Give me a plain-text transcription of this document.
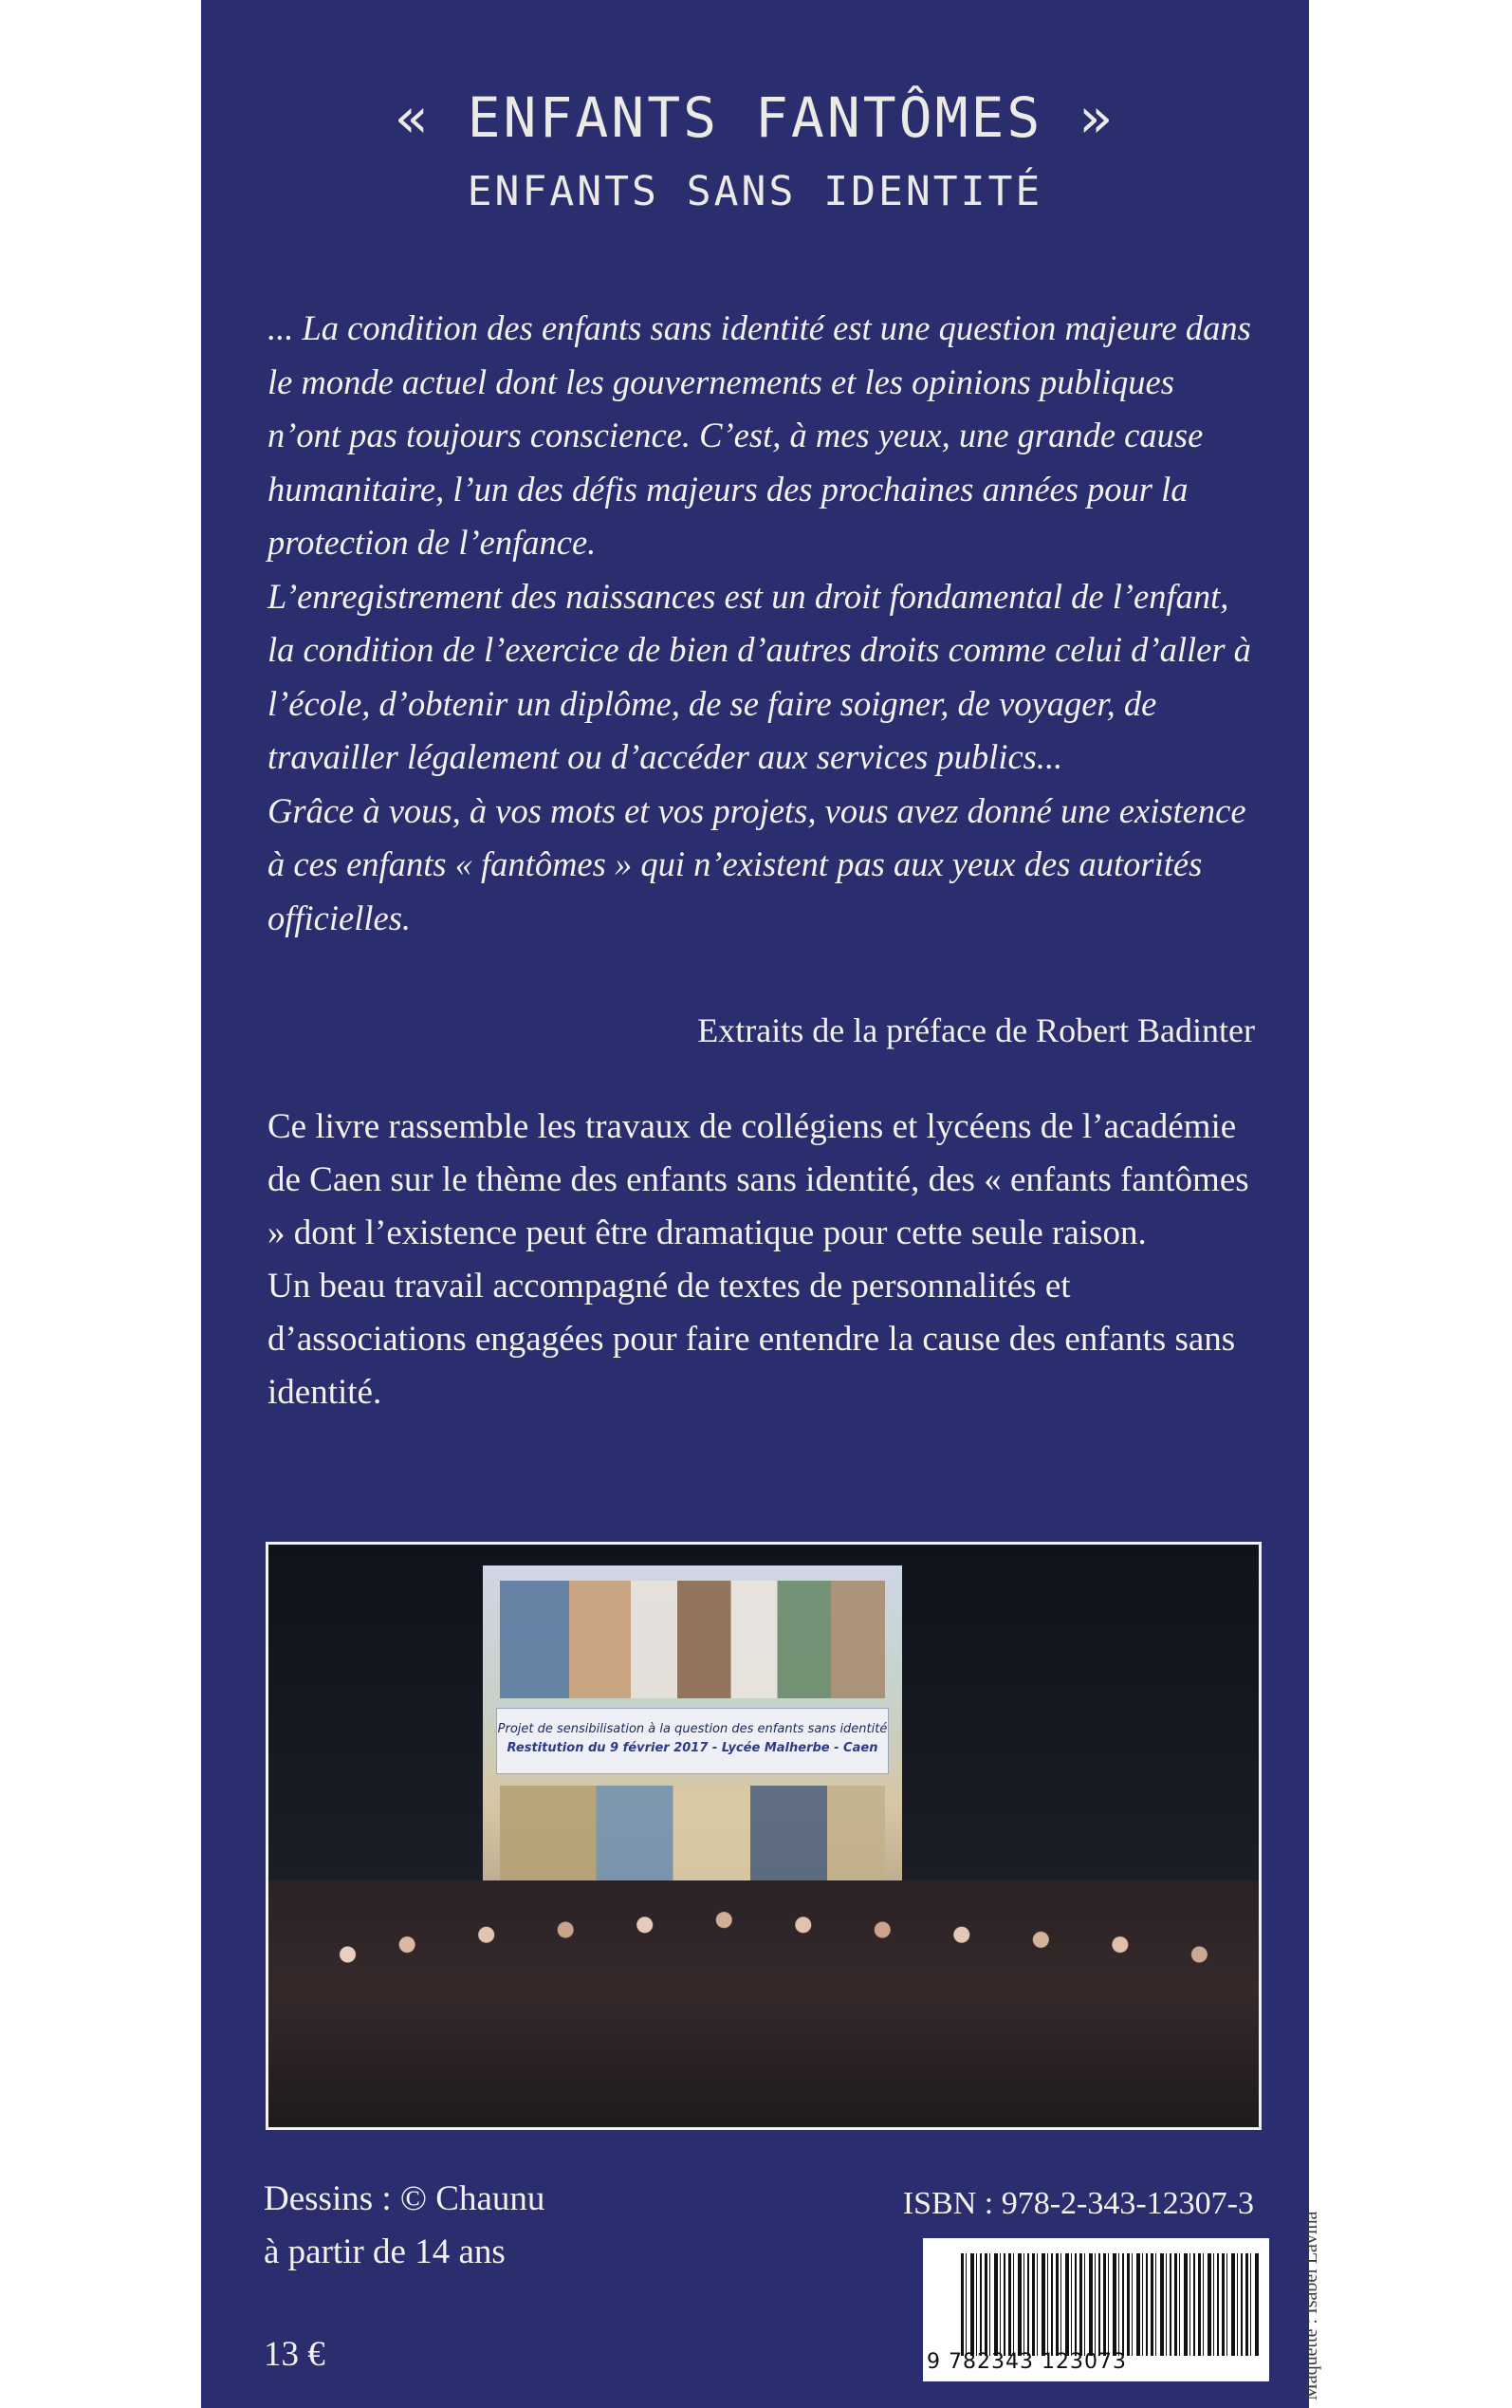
« ENFANTS FANTÔMES »
ENFANTS SANS IDENTITÉ

... La condition des enfants sans identité est une question majeure dans le monde actuel dont les gouvernements et les opinions publiques n’ont pas toujours conscience. C’est, à mes yeux, une grande cause humanitaire, l’un des défis majeurs des prochaines années pour la protection de l’enfance.

L’enregistrement des naissances est un droit fondamental de l’enfant, la condition de l’exercice de bien d’autres droits comme celui d’aller à l’école, d’obtenir un diplôme, de se faire soigner, de voyager, de travailler légalement ou d’accéder aux services publics...

Grâce à vous, à vos mots et vos projets, vous avez donné une existence à ces enfants « fantômes » qui n’existent pas aux yeux des autorités officielles.

Extraits de la préface de Robert Badinter

Ce livre rassemble les travaux de collégiens et lycéens de l’académie de Caen sur le thème des enfants sans identité, des « enfants fantômes » dont l’existence peut être dramatique pour cette seule raison.

Un beau travail accompagné de textes de personnalités et d’associations engagées pour faire entendre la cause des enfants sans identité.

Projet de sensibilisation à la question des enfants sans identité
Restitution du 9 février 2017 - Lycée Malherbe - Caen
Dessins : © Chaunu
à partir de 14 ans
13 €
ISBN : 978-2-343-12307-3
9 782343 123073	Maquette : Isabel Lavina
